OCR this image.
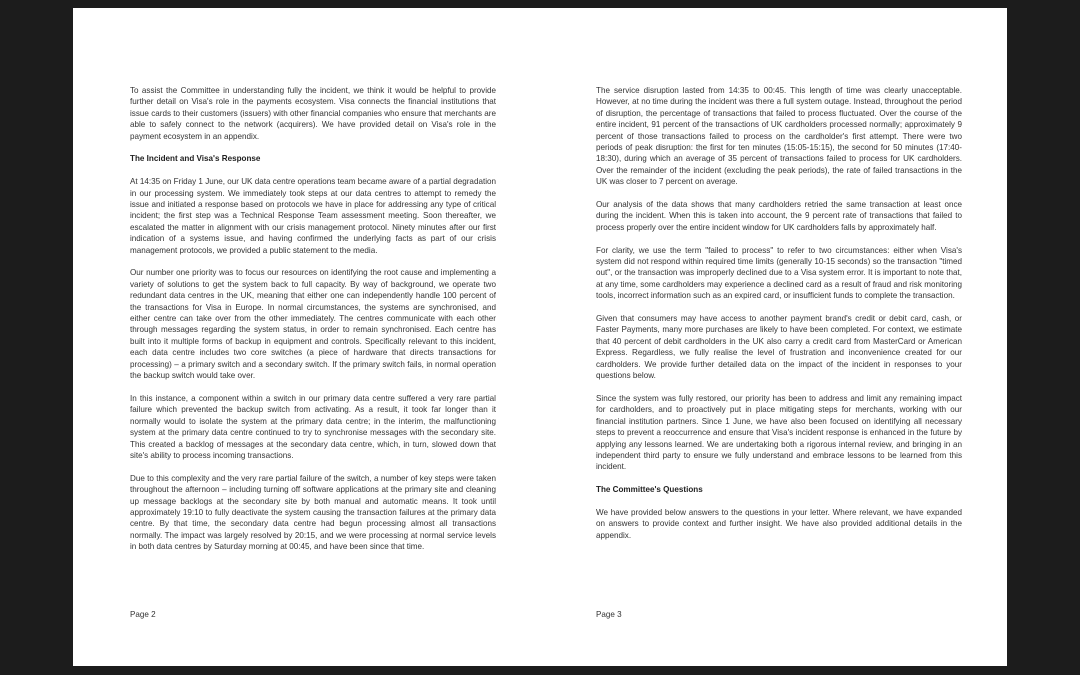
To assist the Committee in understanding fully the incident, we think it would be helpful to provide further detail on Visa's role in the payments ecosystem. Visa connects the financial institutions that issue cards to their customers (issuers) with other financial companies who ensure that merchants are able to safely connect to the network (acquirers). We have provided detail on Visa's role in the payment ecosystem in an appendix.

The Incident and Visa's Response

At 14:35 on Friday 1 June, our UK data centre operations team became aware of a partial degradation in our processing system. We immediately took steps at our data centres to attempt to remedy the issue and initiated a response based on protocols we have in place for addressing any type of critical incident; the first step was a Technical Response Team assessment meeting. Soon thereafter, we escalated the matter in alignment with our crisis management protocol. Ninety minutes after our first indication of a systems issue, and having confirmed the underlying facts as part of our crisis management protocols, we provided a public statement to the media.

Our number one priority was to focus our resources on identifying the root cause and implementing a variety of solutions to get the system back to full capacity. By way of background, we operate two redundant data centres in the UK, meaning that either one can independently handle 100 percent of the transactions for Visa in Europe. In normal circumstances, the systems are synchronised, and either centre can take over from the other immediately. The centres communicate with each other through messages regarding the system status, in order to remain synchronised. Each centre has built into it multiple forms of backup in equipment and controls. Specifically relevant to this incident, each data centre includes two core switches (a piece of hardware that directs transactions for processing) – a primary switch and a secondary switch. If the primary switch fails, in normal operation the backup switch would take over.

In this instance, a component within a switch in our primary data centre suffered a very rare partial failure which prevented the backup switch from activating. As a result, it took far longer than it normally would to isolate the system at the primary data centre; in the interim, the malfunctioning system at the primary data centre continued to try to synchronise messages with the secondary site. This created a backlog of messages at the secondary data centre, which, in turn, slowed down that site's ability to process incoming transactions.

Due to this complexity and the very rare partial failure of the switch, a number of key steps were taken throughout the afternoon – including turning off software applications at the primary site and cleaning up message backlogs at the secondary site by both manual and automatic means. It took until approximately 19:10 to fully deactivate the system causing the transaction failures at the primary data centre. By that time, the secondary data centre had begun processing almost all transactions normally. The impact was largely resolved by 20:15, and we were processing at normal service levels in both data centres by Saturday morning at 00:45, and have been since that time.

Page 2

The service disruption lasted from 14:35 to 00:45. This length of time was clearly unacceptable. However, at no time during the incident was there a full system outage. Instead, throughout the period of disruption, the percentage of transactions that failed to process fluctuated. Over the course of the entire incident, 91 percent of the transactions of UK cardholders processed normally; approximately 9 percent of those transactions failed to process on the cardholder's first attempt. There were two periods of peak disruption: the first for ten minutes (15:05-15:15), the second for 50 minutes (17:40-18:30), during which an average of 35 percent of transactions failed to process for UK cardholders. Over the remainder of the incident (excluding the peak periods), the rate of failed transactions in the UK was closer to 7 percent on average.

Our analysis of the data shows that many cardholders retried the same transaction at least once during the incident. When this is taken into account, the 9 percent rate of transactions that failed to process properly over the entire incident window for UK cardholders falls by approximately half.

For clarity, we use the term "failed to process" to refer to two circumstances: either when Visa's system did not respond within required time limits (generally 10-15 seconds) so the transaction "timed out", or the transaction was improperly declined due to a Visa system error. It is important to note that, at any time, some cardholders may experience a declined card as a result of fraud and risk monitoring tools, incorrect information such as an expired card, or insufficient funds to complete the transaction.

Given that consumers may have access to another payment brand's credit or debit card, cash, or Faster Payments, many more purchases are likely to have been completed. For context, we estimate that 40 percent of debit cardholders in the UK also carry a credit card from MasterCard or American Express. Regardless, we fully realise the level of frustration and inconvenience created for our cardholders. We provide further detailed data on the impact of the incident in responses to your questions below.

Since the system was fully restored, our priority has been to address and limit any remaining impact for cardholders, and to proactively put in place mitigating steps for merchants, working with our financial institution partners. Since 1 June, we have also been focused on identifying all necessary steps to prevent a reoccurrence and ensure that Visa's incident response is enhanced in the future by applying any lessons learned. We are undertaking both a rigorous internal review, and bringing in an independent third party to ensure we fully understand and embrace lessons to be learned from this incident.

The Committee's Questions

We have provided below answers to the questions in your letter. Where relevant, we have expanded on answers to provide context and further insight. We have also provided additional details in the appendix.

Page 3
